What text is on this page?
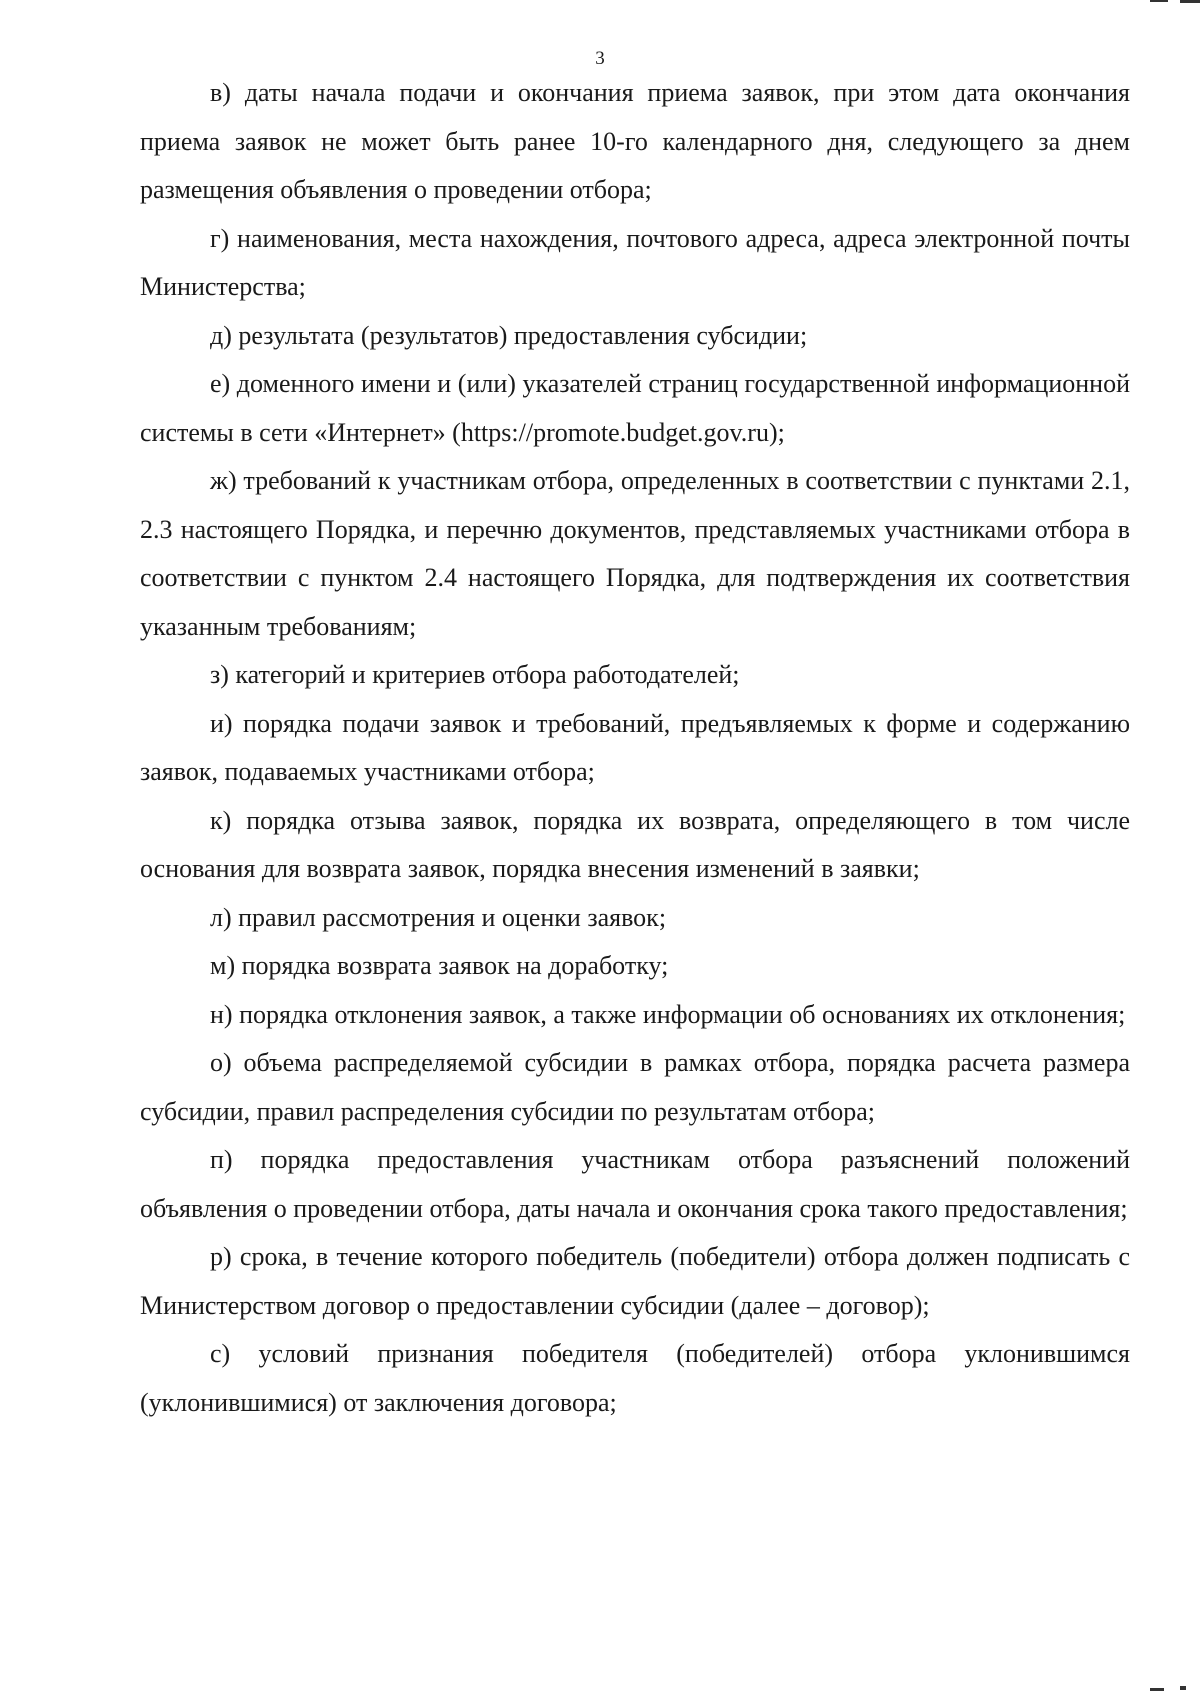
3

в) даты начала подачи и окончания приема заявок, при этом дата окончания приема заявок не может быть ранее 10-го календарного дня, следующего за днем размещения объявления о проведении отбора;

г) наименования, места нахождения, почтового адреса, адреса электронной почты Министерства;

д) результата (результатов) предоставления субсидии;

е) доменного имени и (или) указателей страниц государственной информационной системы в сети «Интернет» (https://promote.budget.gov.ru);

ж) требований к участникам отбора, определенных в соответствии с пунктами 2.1, 2.3 настоящего Порядка, и перечню документов, представляемых участниками отбора в соответствии с пунктом 2.4 настоящего Порядка, для подтверждения их соответствия указанным требованиям;

з) категорий и критериев отбора работодателей;

и) порядка подачи заявок и требований, предъявляемых к форме и содержанию заявок, подаваемых участниками отбора;

к) порядка отзыва заявок, порядка их возврата, определяющего в том числе основания для возврата заявок, порядка внесения изменений в заявки;

л) правил рассмотрения и оценки заявок;

м) порядка возврата заявок на доработку;

н) порядка отклонения заявок, а также информации об основаниях их отклонения;

о) объема распределяемой субсидии в рамках отбора, порядка расчета размера субсидии, правил распределения субсидии по результатам отбора;

п) порядка предоставления участникам отбора разъяснений положений объявления о проведении отбора, даты начала и окончания срока такого предоставления;

р) срока, в течение которого победитель (победители) отбора должен подписать с Министерством договор о предоставлении субсидии (далее – договор);

с) условий признания победителя (победителей) отбора уклонившимся (уклонившимися) от заключения договора;
